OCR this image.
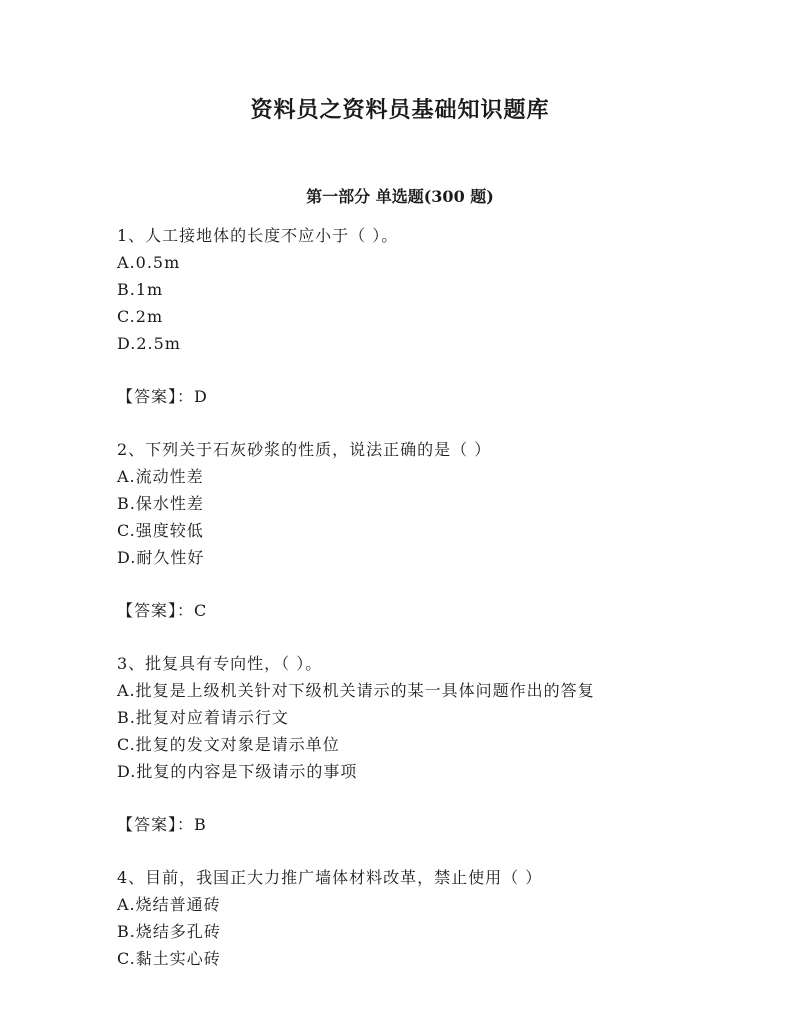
资料员之资料员基础知识题库
第一部分 单选题(300 题)
1、人工接地体的长度不应小于（ ）。
A.0.5m
B.1m
C.2m
D.2.5m
【答案】：D
2、下列关于石灰砂浆的性质，说法正确的是（ ）
A.流动性差
B.保水性差
C.强度较低
D.耐久性好
【答案】：C
3、批复具有专向性，（ ）。
A.批复是上级机关针对下级机关请示的某一具体问题作出的答复
B.批复对应着请示行文
C.批复的发文对象是请示单位
D.批复的内容是下级请示的事项
【答案】：B
4、目前，我国正大力推广墙体材料改革，禁止使用（ ）
A.烧结普通砖
B.烧结多孔砖
C.黏土实心砖
